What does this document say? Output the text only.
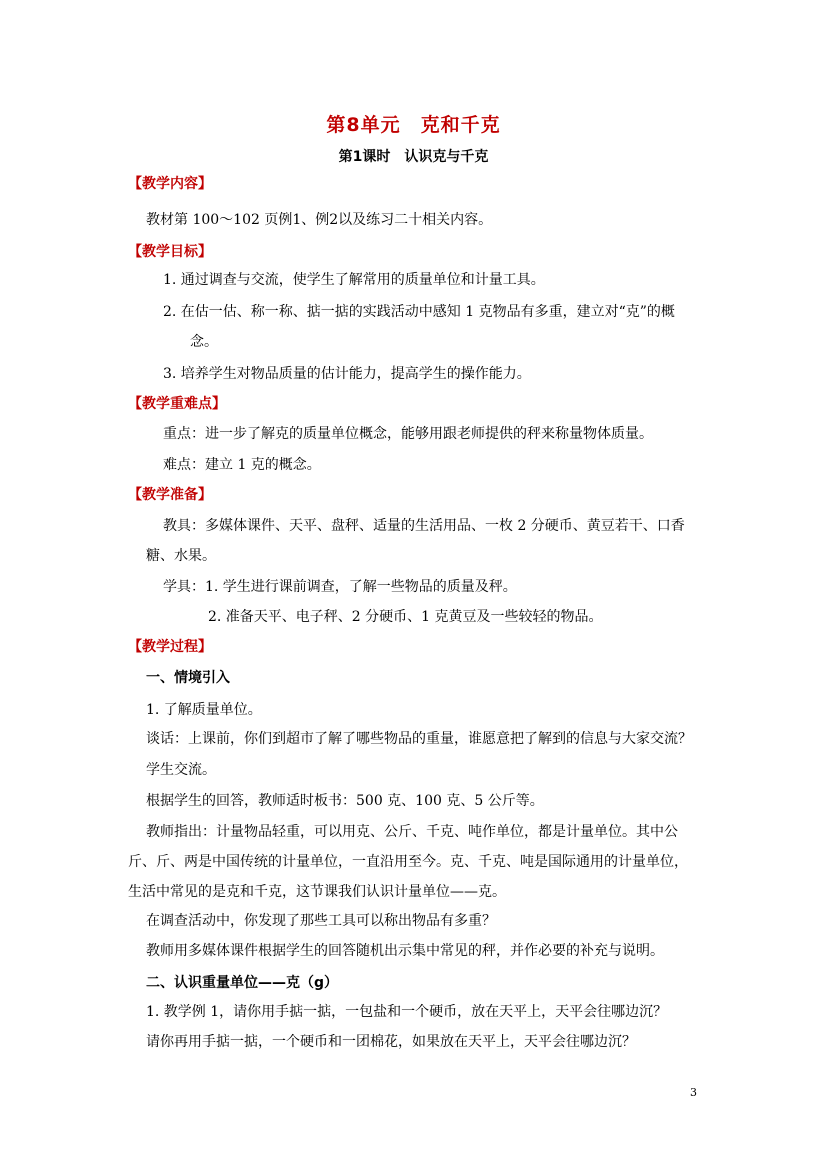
第8单元　克和千克
第1课时　认识克与千克
【教学内容】
教材第 100～102 页例1、例2以及练习二十相关内容。
【教学目标】
1. 通过调查与交流，使学生了解常用的质量单位和计量工具。
2. 在估一估、称一称、掂一掂的实践活动中感知 1 克物品有多重，建立对“克”的概
念。
3. 培养学生对物品质量的估计能力，提高学生的操作能力。
【教学重难点】
重点：进一步了解克的质量单位概念，能够用跟老师提供的秤来称量物体质量。
难点：建立 1 克的概念。
【教学准备】
教具：多媒体课件、天平、盘秤、适量的生活用品、一枚 2 分硬币、黄豆若干、口香
糖、水果。
学具：1. 学生进行课前调查，了解一些物品的质量及秤。
2. 准备天平、电子秤、2 分硬币、1 克黄豆及一些较轻的物品。
【教学过程】
一、情境引入
1. 了解质量单位。
谈话：上课前，你们到超市了解了哪些物品的重量，谁愿意把了解到的信息与大家交流？
学生交流。
根据学生的回答，教师适时板书：500 克、100 克、5 公斤等。
教师指出：计量物品轻重，可以用克、公斤、千克、吨作单位，都是计量单位。其中公
斤、斤、两是中国传统的计量单位，一直沿用至今。克、千克、吨是国际通用的计量单位，
生活中常见的是克和千克，这节课我们认识计量单位——克。
在调查活动中，你发现了那些工具可以称出物品有多重？
教师用多媒体课件根据学生的回答随机出示集中常见的秤，并作必要的补充与说明。
二、认识重量单位——克（g）
1. 教学例 1，请你用手掂一掂，一包盐和一个硬币，放在天平上，天平会往哪边沉？
请你再用手掂一掂，一个硬币和一团棉花，如果放在天平上，天平会往哪边沉？
3
